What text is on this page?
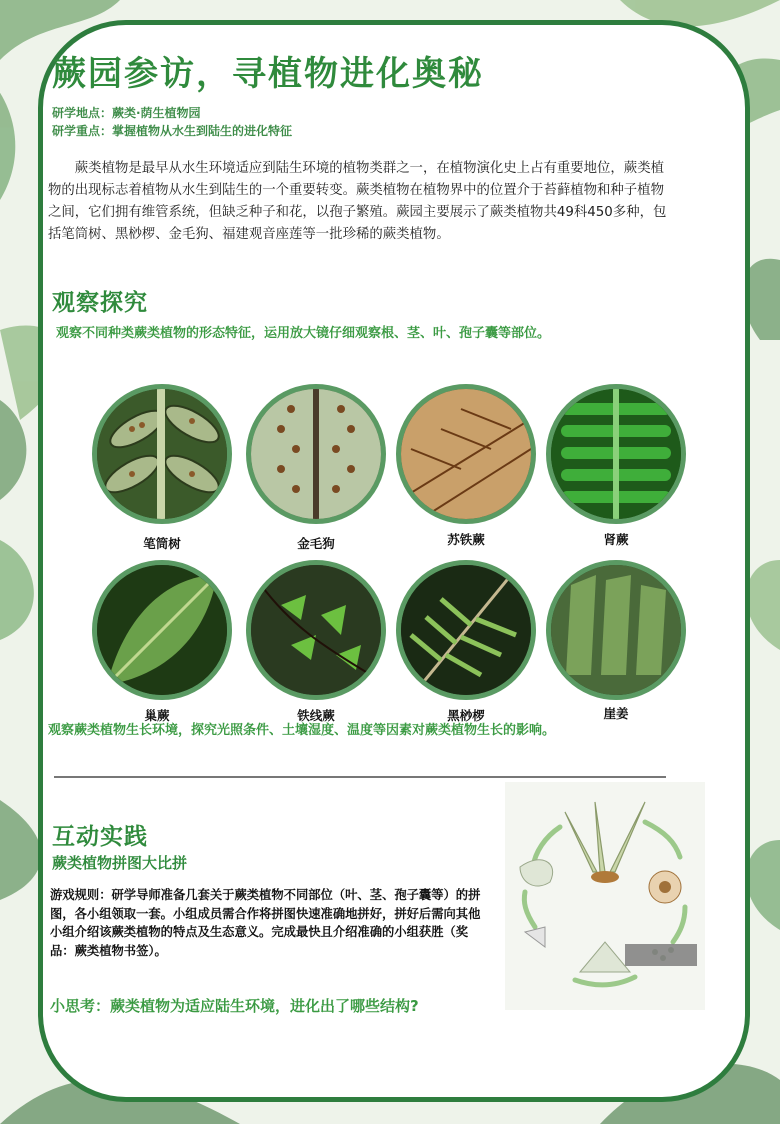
蕨园参访，寻植物进化奥秘
研学地点：蕨类·荫生植物园
研学重点：掌握植物从水生到陆生的进化特征

蕨类植物是最早从水生环境适应到陆生环境的植物类群之一，在植物演化史上占有重要地位，蕨类植物的出现标志着植物从水生到陆生的一个重要转变。蕨类植物在植物界中的位置介于苔藓植物和种子植物之间，它们拥有维管系统，但缺乏种子和花，以孢子繁殖。蕨园主要展示了蕨类植物共49科450多种，包括笔筒树、黑桫椤、金毛狗、福建观音座莲等一批珍稀的蕨类植物。

观察探究
观察不同种类蕨类植物的形态特征，运用放大镜仔细观察根、茎、叶、孢子囊等部位。
笔筒树	金毛狗	苏铁蕨	肾蕨
巢蕨	铁线蕨	黑桫椤	崖姜
观察蕨类植物生长环境，探究光照条件、土壤湿度、温度等因素对蕨类植物生长的影响。
互动实践
蕨类植物拼图大比拼

游戏规则：研学导师准备几套关于蕨类植物不同部位（叶、茎、孢子囊等）的拼图，各小组领取一套。小组成员需合作将拼图快速准确地拼好，拼好后需向其他小组介绍该蕨类植物的特点及生态意义。完成最快且介绍准确的小组获胜（奖品：蕨类植物书签）。

小思考：蕨类植物为适应陆生环境，进化出了哪些结构?
